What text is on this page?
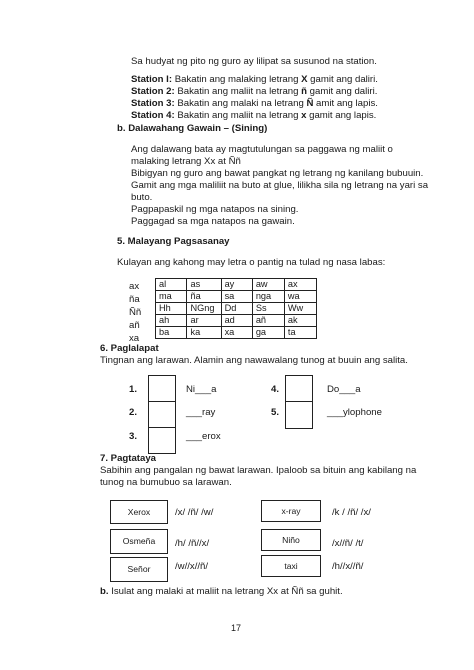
Sa hudyat ng pito ng guro ay lilipat sa susunod na station.
Station I: Bakatin ang malaking letrang X gamit ang daliri.
Station 2: Bakatin ang maliit na letrang ñ gamit ang daliri.
Station 3: Bakatin ang malaki na letrang Ñ amit ang lapis.
Station 4: Bakatin ang maliit na letrang x gamit ang lapis.
b. Dalawahang Gawain – (Sining)
Ang dalawang bata ay magtutulungan sa paggawa ng maliit o
malaking letrang Xx at Ññ
Bibigyan ng guro ang bawat pangkat ng letrang ng kanilang bubuuin.
Gamit ang mga maliliit na buto at glue, lilikha sila ng letrang na yari sa
buto.
Pagpapaskil ng mga natapos na sining.
Paggagad sa mga natapos na gawain.
5. Malayang Pagsasanay
Kulayan ang kahong may letra o pantig na tulad ng nasa labas:
ax
ña
Ññ
añ
xa
al	as	ay	aw	ax
ma	ña	sa	nga	wa
Hh	NGng	Dd	Ss	Ww
ah	ar	ad	añ	ak
ba	ka	xa	ga	ta
6. Paglalapat
Tingnan ang larawan. Alamin ang nawawalang tunog at buuin ang salita.
1.	Ni___a
2.	___ray
3.	___erox
4.	Do___a
5.	___ylophone
7. Pagtataya
Sabihin ang pangalan ng bawat larawan. Ipaloob sa bituin ang kabilang na
tunog na bumubuo sa larawan.
Xerox	/x/ /ñ/ /w/
Osmeña	/h/ /ñ//x/
Señor	/w//x//ñ/
x-ray	/k / /ñ/ /x/
Niño	/x//ñ/ /t/
taxi	/h//x//ñ/
b. Isulat ang malaki at maliit na letrang Xx at Ññ sa guhit.
17
